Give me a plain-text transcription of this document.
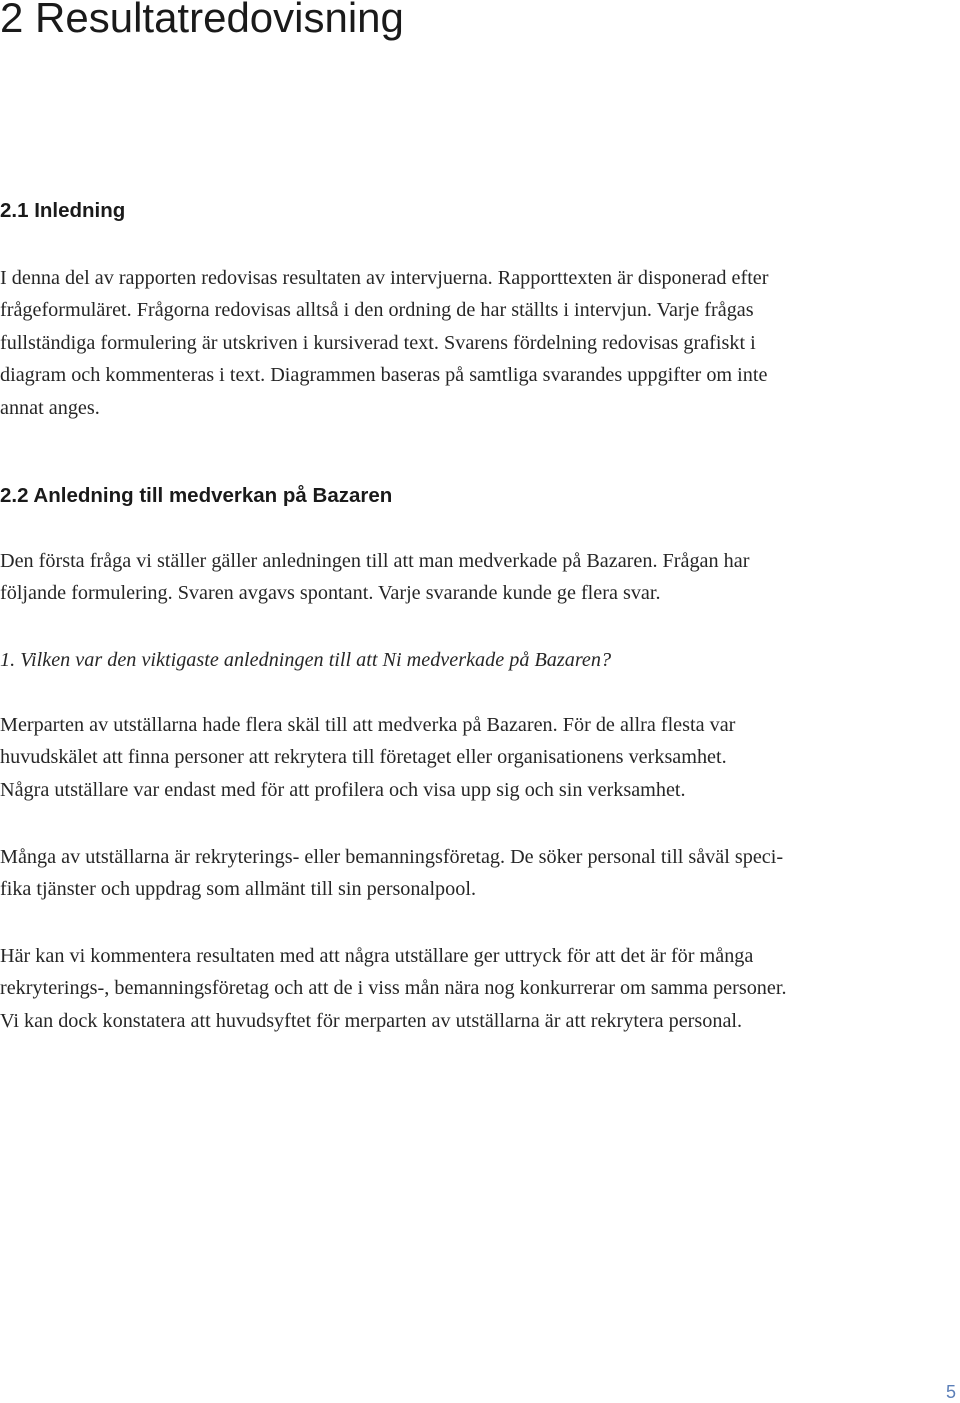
2 Resultatredovisning
2.1 Inledning

I denna del av rapporten redovisas resultaten av intervjuerna. Rapporttexten är disponerad efter
frågeformuläret. Frågorna redovisas alltså i den ordning de har ställts i intervjun. Varje frågas
fullständiga formulering är utskriven i kursiverad text. Svarens fördelning redovisas grafiskt i
diagram och kommenteras i text. Diagrammen baseras på samtliga svarandes uppgifter om inte
annat anges.

2.2 Anledning till medverkan på Bazaren

Den första fråga vi ställer gäller anledningen till att man medverkade på Bazaren. Frågan har
följande formulering. Svaren avgavs spontant. Varje svarande kunde ge flera svar.

1. Vilken var den viktigaste anledningen till att Ni medverkade på Bazaren?

Merparten av utställarna hade flera skäl till att medverka på Bazaren. För de allra flesta var
huvudskälet att finna personer att rekrytera till företaget eller organisationens verksamhet.
Några utställare var endast med för att profilera och visa upp sig och sin verksamhet.

Många av utställarna är rekryterings- eller bemanningsföretag. De söker personal till såväl speci-
fika tjänster och uppdrag som allmänt till sin personalpool.

Här kan vi kommentera resultaten med att några utställare ger uttryck för att det är för många
rekryterings-, bemanningsföretag och att de i viss mån nära nog konkurrerar om samma personer.
Vi kan dock konstatera att huvudsyftet för merparten av utställarna är att rekrytera personal.

5
